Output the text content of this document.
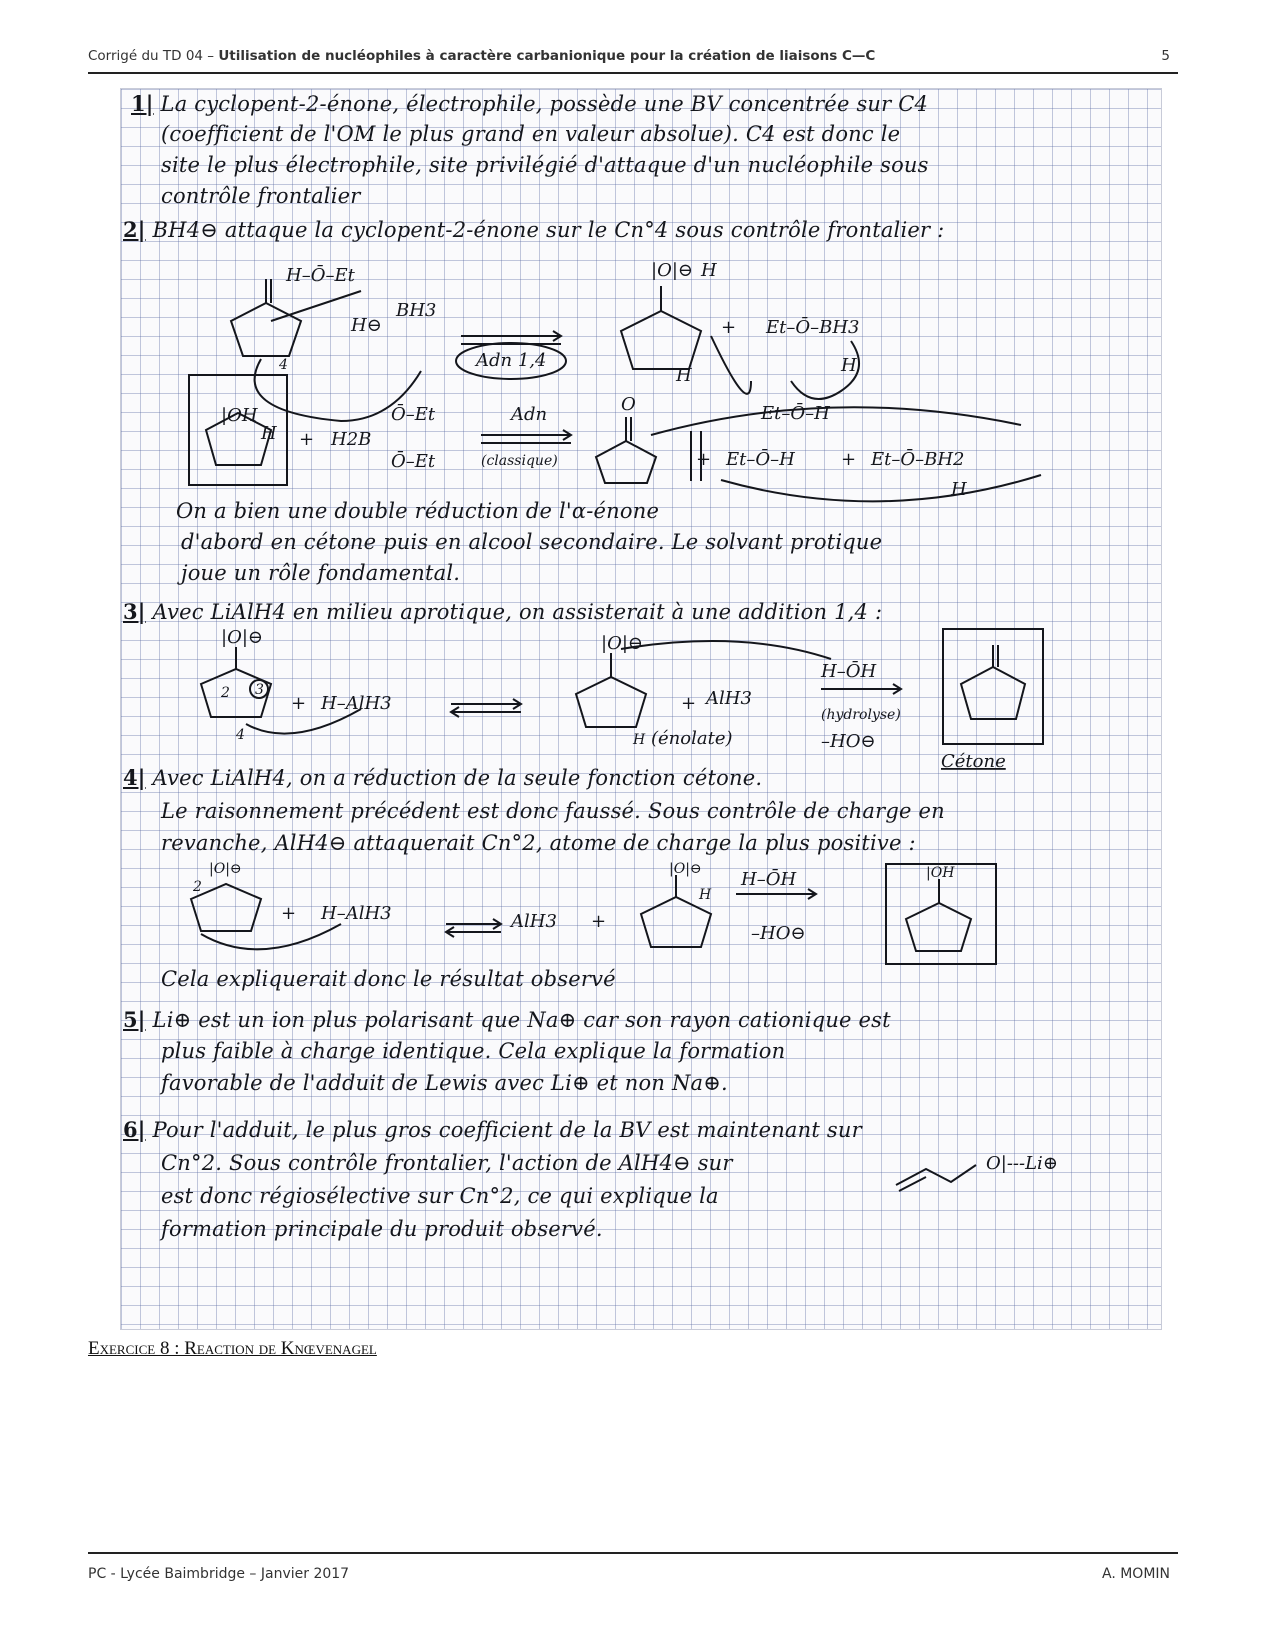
Corrigé du TD 04 – Utilisation de nucléophiles à caractère carbanionique pour la création de liaisons C—C	5

1| La cyclopent-2-énone, électrophile, possède une BV concentrée sur C4

(coefficient de l'OM le plus grand en valeur absolue). C4 est donc le

site le plus électrophile, site privilégié d'attaque d'un nucléophile sous

contrôle frontalier

2| BH4⊖ attaque la cyclopent-2-énone sur le Cn°4 sous contrôle frontalier :

H–Ō–Et
BH3
H⊖
4	Adn 1,4
+ Et–Ō–BH3
H
H
|O|⊖ H
Et–Ō–H
|OH
H + H2B
Ō–Et
Ō–Et
Adn
(classique)
O
+ Et–Ō–H	+ Et–Ō–BH2
H

On a bien une double réduction de l'α-énone

d'abord en cétone puis en alcool secondaire. Le solvant protique

joue un rôle fondamental.

3| Avec LiAlH4 en milieu aprotique, on assisterait à une addition 1,4 :

|O|⊖
2 3
4
+ H–AlH3
|O|⊖
+ AlH3
H (énolate)
H–ŌH
(hydrolyse)
–HO⊖
Cétone

4| Avec LiAlH4, on a réduction de la seule fonction cétone.

Le raisonnement précédent est donc faussé. Sous contrôle de charge en

revanche, AlH4⊖ attaquerait Cn°2, atome de charge la plus positive :

|O|⊖
2
+ H–AlH3	AlH3 +
|O|⊖
H
H–ŌH
–HO⊖
|OH

Cela expliquerait donc le résultat observé

5| Li⊕ est un ion plus polarisant que Na⊕ car son rayon cationique est

plus faible à charge identique. Cela explique la formation

favorable de l'adduit de Lewis avec Li⊕ et non Na⊕.

6| Pour l'adduit, le plus gros coefficient de la BV est maintenant sur

Cn°2. Sous contrôle frontalier, l'action de AlH4⊖ sur	O|---Li⊕

est donc régiosélective sur Cn°2, ce qui explique la

formation principale du produit observé.

Exercice 8 : Reaction de Knœvenagel

PC - Lycée Baimbridge – Janvier 2017	A. MOMIN
